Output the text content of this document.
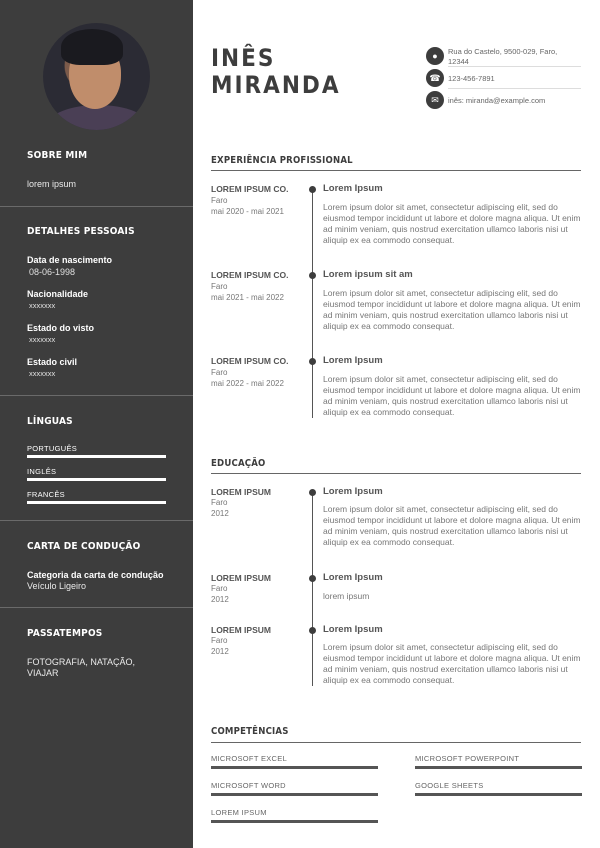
SOBRE MIM
lorem ipsum
DETALHES PESSOAIS
Data de nascimento
08-06-1998
Nacionalidade
xxxxxxx
Estado do visto
xxxxxxx
Estado civil
xxxxxxx
LÍNGUAS
PORTUGUÊS
INGLÊS
FRANCÊS
CARTA DE CONDUÇÃO
Categoria da carta de condução
Veículo Ligeiro
PASSATEMPOS
FOTOGRAFIA, NATAÇÃO,
VIAJAR
INÊS
MIRANDA
●	Rua do Castelo, 9500-029, Faro, 12344
☎ 123-456-7891
✉	inês: miranda@example.com
EXPERIÊNCIA PROFISSIONAL
LOREM IPSUM CO.
Faro
mai 2020 - mai 2021
Lorem Ipsum
Lorem ipsum dolor sit amet, consectetur adipiscing elit, sed do eiusmod tempor incididunt ut labore et dolore magna aliqua. Ut enim ad minim veniam, quis nostrud exercitation ullamco laboris nisi ut aliquip ex ea commodo consequat.
LOREM IPSUM CO.
Faro
mai 2021 - mai 2022
Lorem ipsum sit am
Lorem ipsum dolor sit amet, consectetur adipiscing elit, sed do eiusmod tempor incididunt ut labore et dolore magna aliqua. Ut enim ad minim veniam, quis nostrud exercitation ullamco laboris nisi ut aliquip ex ea commodo consequat.
LOREM IPSUM CO.
Faro
mai 2022 - mai 2022
Lorem Ipsum
Lorem ipsum dolor sit amet, consectetur adipiscing elit, sed do eiusmod tempor incididunt ut labore et dolore magna aliqua. Ut enim ad minim veniam, quis nostrud exercitation ullamco laboris nisi ut aliquip ex ea commodo consequat.
EDUCAÇÃO
LOREM IPSUM
Faro
2012
Lorem Ipsum
Lorem ipsum dolor sit amet, consectetur adipiscing elit, sed do eiusmod tempor incididunt ut labore et dolore magna aliqua. Ut enim ad minim veniam, quis nostrud exercitation ullamco laboris nisi ut aliquip ex ea commodo consequat.
LOREM IPSUM
Faro
2012
Lorem Ipsum
lorem ipsum
LOREM IPSUM
Faro
2012
Lorem Ipsum
Lorem ipsum dolor sit amet, consectetur adipiscing elit, sed do eiusmod tempor incididunt ut labore et dolore magna aliqua. Ut enim ad minim veniam, quis nostrud exercitation ullamco laboris nisi ut aliquip ex ea commodo consequat.
COMPETÊNCIAS
MICROSOFT EXCEL	MICROSOFT POWERPOINT
MICROSOFT WORD	GOOGLE SHEETS
LOREM IPSUM
